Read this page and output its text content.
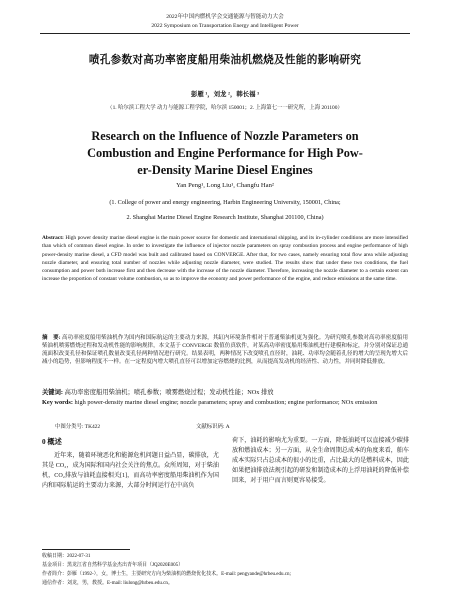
2022年中国内燃机学会交通能源与智能动力大会
2022 Symposium on Transportation Energy and Intelligent Power
喷孔参数对高功率密度船用柴油机燃烧及性能的影响研究
彭雁 ¹，刘龙 ²，韩长福 ³
（1. 哈尔滨工程大学 动力与能源工程学院，哈尔滨 150001；2. 上海第七一一研究所，上海 201100）
Research on the Influence of Nozzle Parameters on
Combustion and Engine Performance for High Pow-
er-Density Marine Diesel Engines
Yan Peng¹, Long Liu¹, Changfu Han²
(1. College of power and energy engineering, Harbin Engineering University, 150001, China;
2. Shanghai Marine Diesel Engine Research Institute, Shanghai 201100, China)
Abstract: High power density marine diesel engine is the main power source for domestic and international shipping, and its in-cylinder conditions are more intensified than which of common diesel engine. In order to investigate the influence of injector nozzle parameters on spray combustion process and engine performance of high power-density marine diesel, a CFD model was built and calibrated based on CONVERGE. After that, for two cases, namely ensuring total flow area while adjusting nozzle diameter, and ensuring total number of nozzles while adjusting nozzle diameter, were studied. The results show that under these two conditions, the fuel consumption and power both increase first and then decrease with the increase of the nozzle diameter. Therefore, increasing the nozzle diameter to a certain extent can increase the proportion of constant volume combustion, so as to improve the economy and power performance of the engine, and reduce emissions at the same time.
摘　要: 高功率密度船用柴油机作为国内和国际航运的主要动力来源，其缸内环境条件相对于普通柴油机更为强化。为研究喷孔参数对高功率密度船用柴油机喷雾燃烧过程和发动机性能的影响规律，本文基于 CONVERGE 数值仿真软件，对某高功率密度船用柴油机进行建模和标定，并分别对保证总通流面积改变孔径和保证喷孔数量改变孔径两种情况进行研究。结果表明，两种情况下改变喷孔直径时，油耗、功率均会随着孔径的增大的呈现先增大后减小的趋势，但影响程度不一样。在一定程度内增大喷孔直径可以增加定容燃烧的比例，从而提高发动机的经济性、动力性，并同时降低排放。
关键词: 高功率密度船用柴油机；喷孔参数；喷雾燃烧过程；发动机性能；NOx 排放
Key words: high power-density marine diesel engine; nozzle parameters; spray and combustion; engine performance; NOx emission
中图分类号: TK422	文献标识码: A
0 概述
近年来，随着环境恶化和能源危机问题日益凸显，碳排放，尤其是 CO₂，成为国际和国内社会关注的焦点。众所周知，对于柴油机，CO₂排放与油耗直接相关[1]，而高功率密度船用柴油机作为国内和国际航运的主要动力来源，大部分时间运行在中高负
荷下，油耗的影响尤为重要。一方面，降低油耗可以直接减少碳排放和燃油成本；另一方面，从全生命周期总成本的角度来看，舶车成本实际只占总成本的很小的比重，占比最大的是燃料成本，因此如果把油排放法规引起的研发和制造成本的上浮用油耗的降低补偿回来，对于用户而言则更容易接受。
收稿日期：2022-07-31
基金项目：黑龙江省自然科学基金杰出青年项目（JQ2020E005）
作者简介：彭雁（1992-），女，博士生，主要研究方向为柴油机的燃烧优化技术。E-mail: pengyande@hrbeu.edu.cn;
通信作者：刘龙，男，教授。E-mail: liulong@hrbeu.edu.cn。
